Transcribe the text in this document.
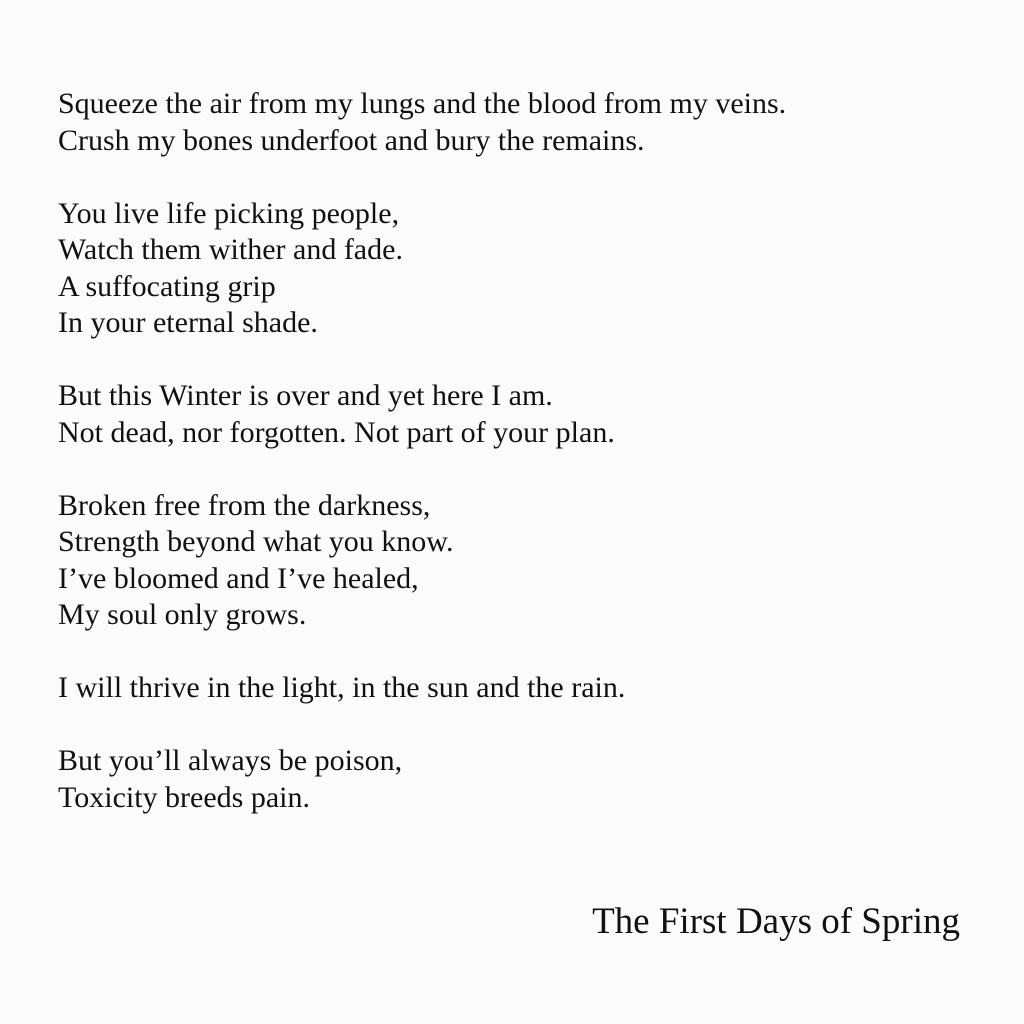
Squeeze the air from my lungs and the blood from my veins.
Crush my bones underfoot and bury the remains.
You live life picking people,
Watch them wither and fade.
A suffocating grip
In your eternal shade.
But this Winter is over and yet here I am.
Not dead, nor forgotten. Not part of your plan.
Broken free from the darkness,
Strength beyond what you know.
I’ve bloomed and I’ve healed,
My soul only grows.
I will thrive in the light, in the sun and the rain.
But you’ll always be poison,
Toxicity breeds pain.
The First Days of Spring
